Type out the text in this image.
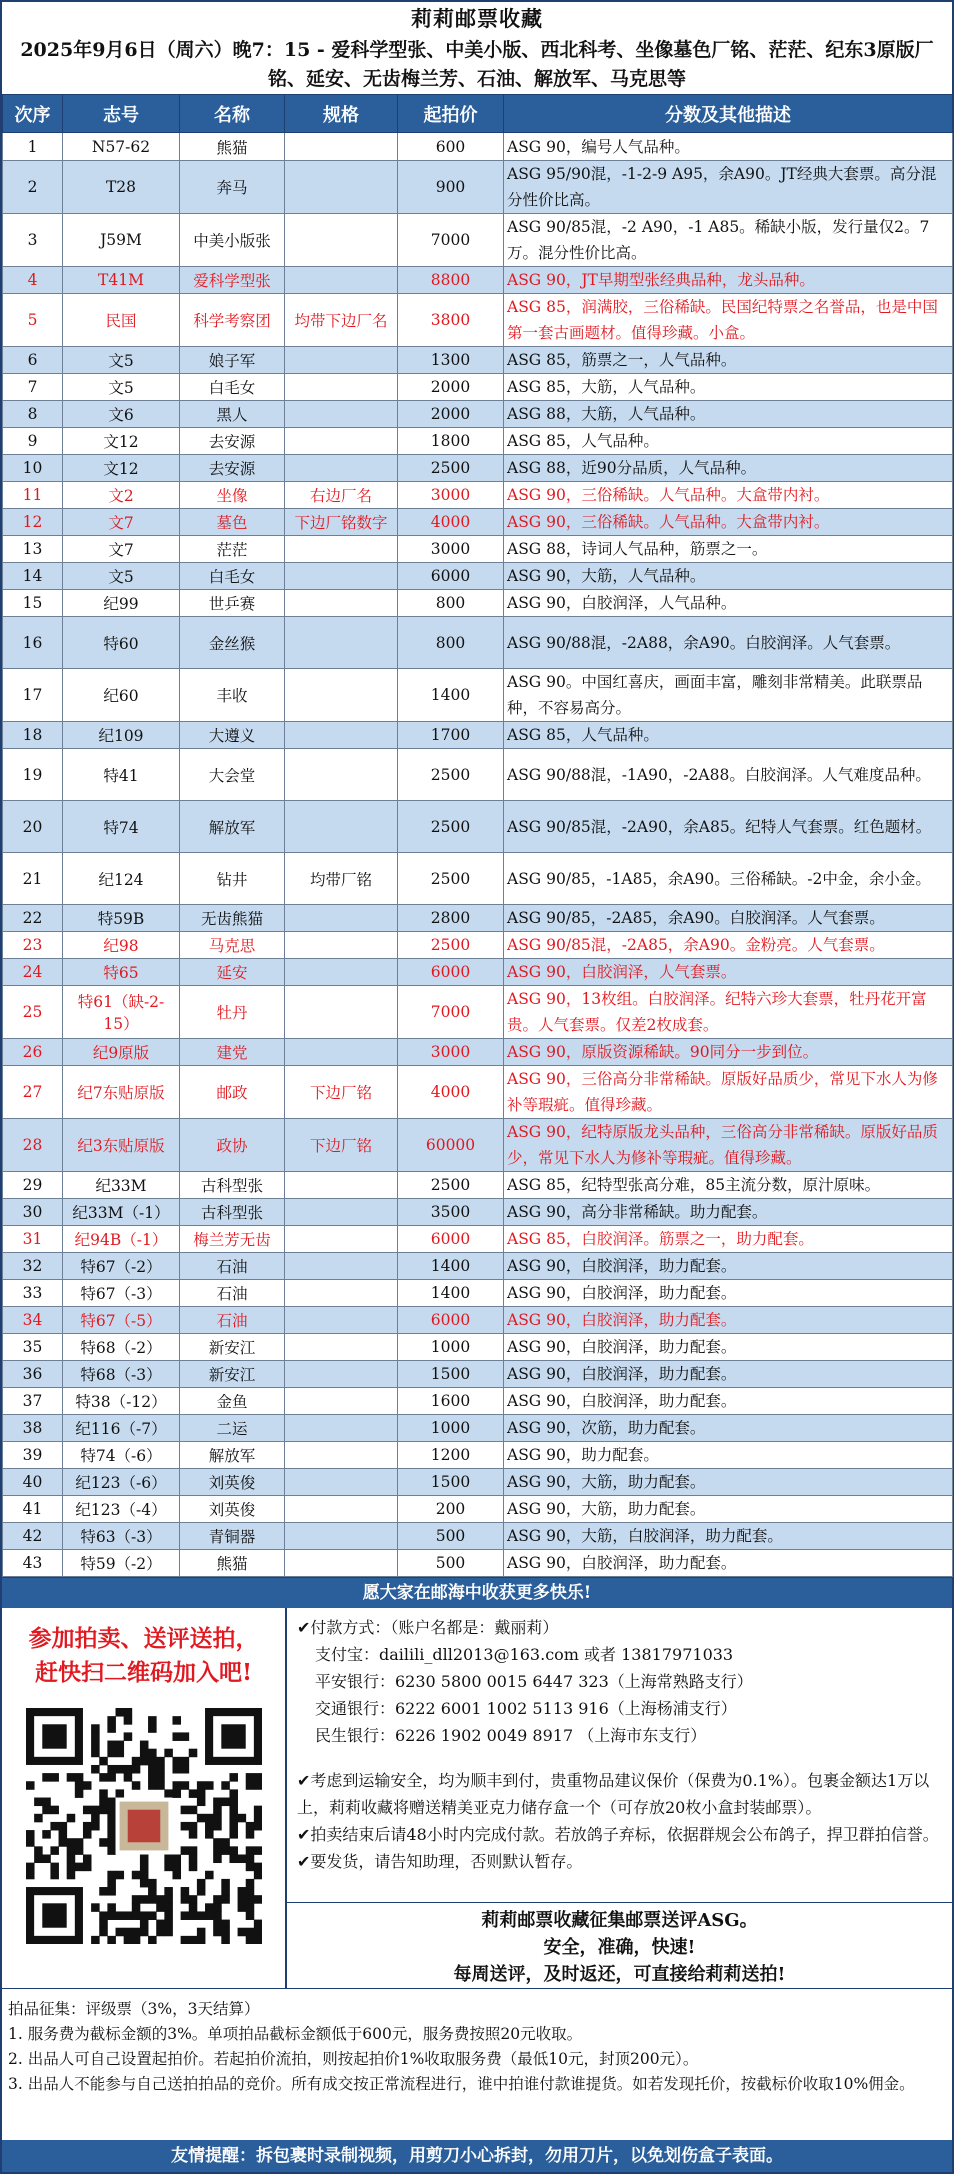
莉莉邮票收藏
2025年9月6日（周六）晚7：15 - 爱科学型张、中美小版、西北科考、坐像墓色厂铭、茫茫、纪东3原版厂铭、延安、无齿梅兰芳、石油、解放军、马克思等
次序	志号	名称	规格	起拍价	分数及其他描述
1	N57-62	熊猫		600	ASG 90，编号人气品种。
2	T28	奔马		900	ASG 95/90混，-1-2-9 A95，余A90。JT经典大套票。高分混分性价比高。
3	J59M	中美小版张		7000	ASG 90/85混，-2 A90，-1 A85。稀缺小版，发行量仅2。7万。混分性价比高。
4	T41M	爱科学型张		8800	ASG 90，JT早期型张经典品种，龙头品种。
5	民国	科学考察团	均带下边厂名	3800	ASG 85，润满胶，三俗稀缺。民国纪特票之名誉品，也是中国第一套古画题材。值得珍藏。小盒。
6	文5	娘子军		1300	ASG 85，筋票之一，人气品种。
7	文5	白毛女		2000	ASG 85，大筋，人气品种。
8	文6	黑人		2000	ASG 88，大筋，人气品种。
9	文12	去安源		1800	ASG 85，人气品种。
10	文12	去安源		2500	ASG 88，近90分品质，人气品种。
11	文2	坐像	右边厂名	3000	ASG 90，三俗稀缺。人气品种。大盒带内衬。
12	文7	墓色	下边厂铭数字	4000	ASG 90，三俗稀缺。人气品种。大盒带内衬。
13	文7	茫茫		3000	ASG 88，诗词人气品种，筋票之一。
14	文5	白毛女		6000	ASG 90，大筋，人气品种。
15	纪99	世乒赛		800	ASG 90，白胶润泽，人气品种。
16	特60	金丝猴		800	ASG 90/88混，-2A88，余A90。白胶润泽。人气套票。
17	纪60	丰收		1400	ASG 90。中国红喜庆，画面丰富，雕刻非常精美。此联票品种，不容易高分。
18	纪109	大遵义		1700	ASG 85，人气品种。
19	特41	大会堂		2500	ASG 90/88混，-1A90，-2A88。白胶润泽。人气难度品种。
20	特74	解放军		2500	ASG 90/85混，-2A90，余A85。纪特人气套票。红色题材。
21	纪124	钻井	均带厂铭	2500	ASG 90/85，-1A85，余A90。三俗稀缺。-2中金，余小金。
22	特59B	无齿熊猫		2800	ASG 90/85，-2A85，余A90。白胶润泽。人气套票。
23	纪98	马克思		2500	ASG 90/85混，-2A85，余A90。金粉亮。人气套票。
24	特65	延安		6000	ASG 90，白胶润泽，人气套票。
25	特61（缺-2-15）	牡丹		7000	ASG 90，13枚组。白胶润泽。纪特六珍大套票，牡丹花开富贵。人气套票。仅差2枚成套。
26	纪9原版	建党		3000	ASG 90，原版资源稀缺。90同分一步到位。
27	纪7东贴原版	邮政	下边厂铭	4000	ASG 90，三俗高分非常稀缺。原版好品质少，常见下水人为修补等瑕疵。值得珍藏。
28	纪3东贴原版	政协	下边厂铭	60000	ASG 90，纪特原版龙头品种，三俗高分非常稀缺。原版好品质少，常见下水人为修补等瑕疵。值得珍藏。
29	纪33M	古科型张		2500	ASG 85，纪特型张高分难，85主流分数，原汁原味。
30	纪33M（-1）	古科型张		3500	ASG 90，高分非常稀缺。助力配套。
31	纪94B（-1）	梅兰芳无齿		6000	ASG 85，白胶润泽。筋票之一，助力配套。
32	特67（-2）	石油		1400	ASG 90，白胶润泽，助力配套。
33	特67（-3）	石油		1400	ASG 90，白胶润泽，助力配套。
34	特67（-5）	石油		6000	ASG 90，白胶润泽，助力配套。
35	特68（-2）	新安江		1000	ASG 90，白胶润泽，助力配套。
36	特68（-3）	新安江		1500	ASG 90，白胶润泽，助力配套。
37	特38（-12）	金鱼		1600	ASG 90，白胶润泽，助力配套。
38	纪116（-7）	二运		1000	ASG 90，次筋，助力配套。
39	特74（-6）	解放军		1200	ASG 90，助力配套。
40	纪123（-6）	刘英俊		1500	ASG 90，大筋，助力配套。
41	纪123（-4）	刘英俊		200	ASG 90，大筋，助力配套。
42	特63（-3）	青铜器		500	ASG 90，大筋，白胶润泽，助力配套。
43	特59（-2）	熊猫		500	ASG 90，白胶润泽，助力配套。
愿大家在邮海中收获更多快乐!
参加拍卖、送评送拍，
赶快扫二维码加入吧!

✔付款方式：（账户名都是：戴丽莉）

支付宝：dailili_dll2013@163.com 或者 13817971033

平安银行：6230 5800 0015 6447 323（上海常熟路支行）

交通银行：6222 6001 1002 5113 916（上海杨浦支行）

民生银行：6226 1902 0049 8917 （上海市东支行）

✔考虑到运输安全，均为顺丰到付，贵重物品建议保价（保费为0.1%）。包裹金额达1万以上，莉莉收藏将赠送精美亚克力储存盒一个（可存放20枚小盒封装邮票）。

✔拍卖结束后请48小时内完成付款。若放鸽子弃标，依据群规会公布鸽子，捍卫群拍信誉。

✔要发货，请告知助理，否则默认暂存。

莉莉邮票收藏征集邮票送评ASG。
安全，准确，快速!
每周送评，及时返还，可直接给莉莉送拍!

拍品征集：评级票（3%，3天结算）

1. 服务费为截标金额的3%。单项拍品截标金额低于600元，服务费按照20元收取。

2. 出品人可自己设置起拍价。若起拍价流拍，则按起拍价1%收取服务费（最低10元，封顶200元）。

3. 出品人不能参与自己送拍拍品的竞价。所有成交按正常流程进行，谁中拍谁付款谁提货。如若发现托价，按截标价收取10%佣金。

友情提醒：拆包裹时录制视频，用剪刀小心拆封，勿用刀片，以免划伤盒子表面。
